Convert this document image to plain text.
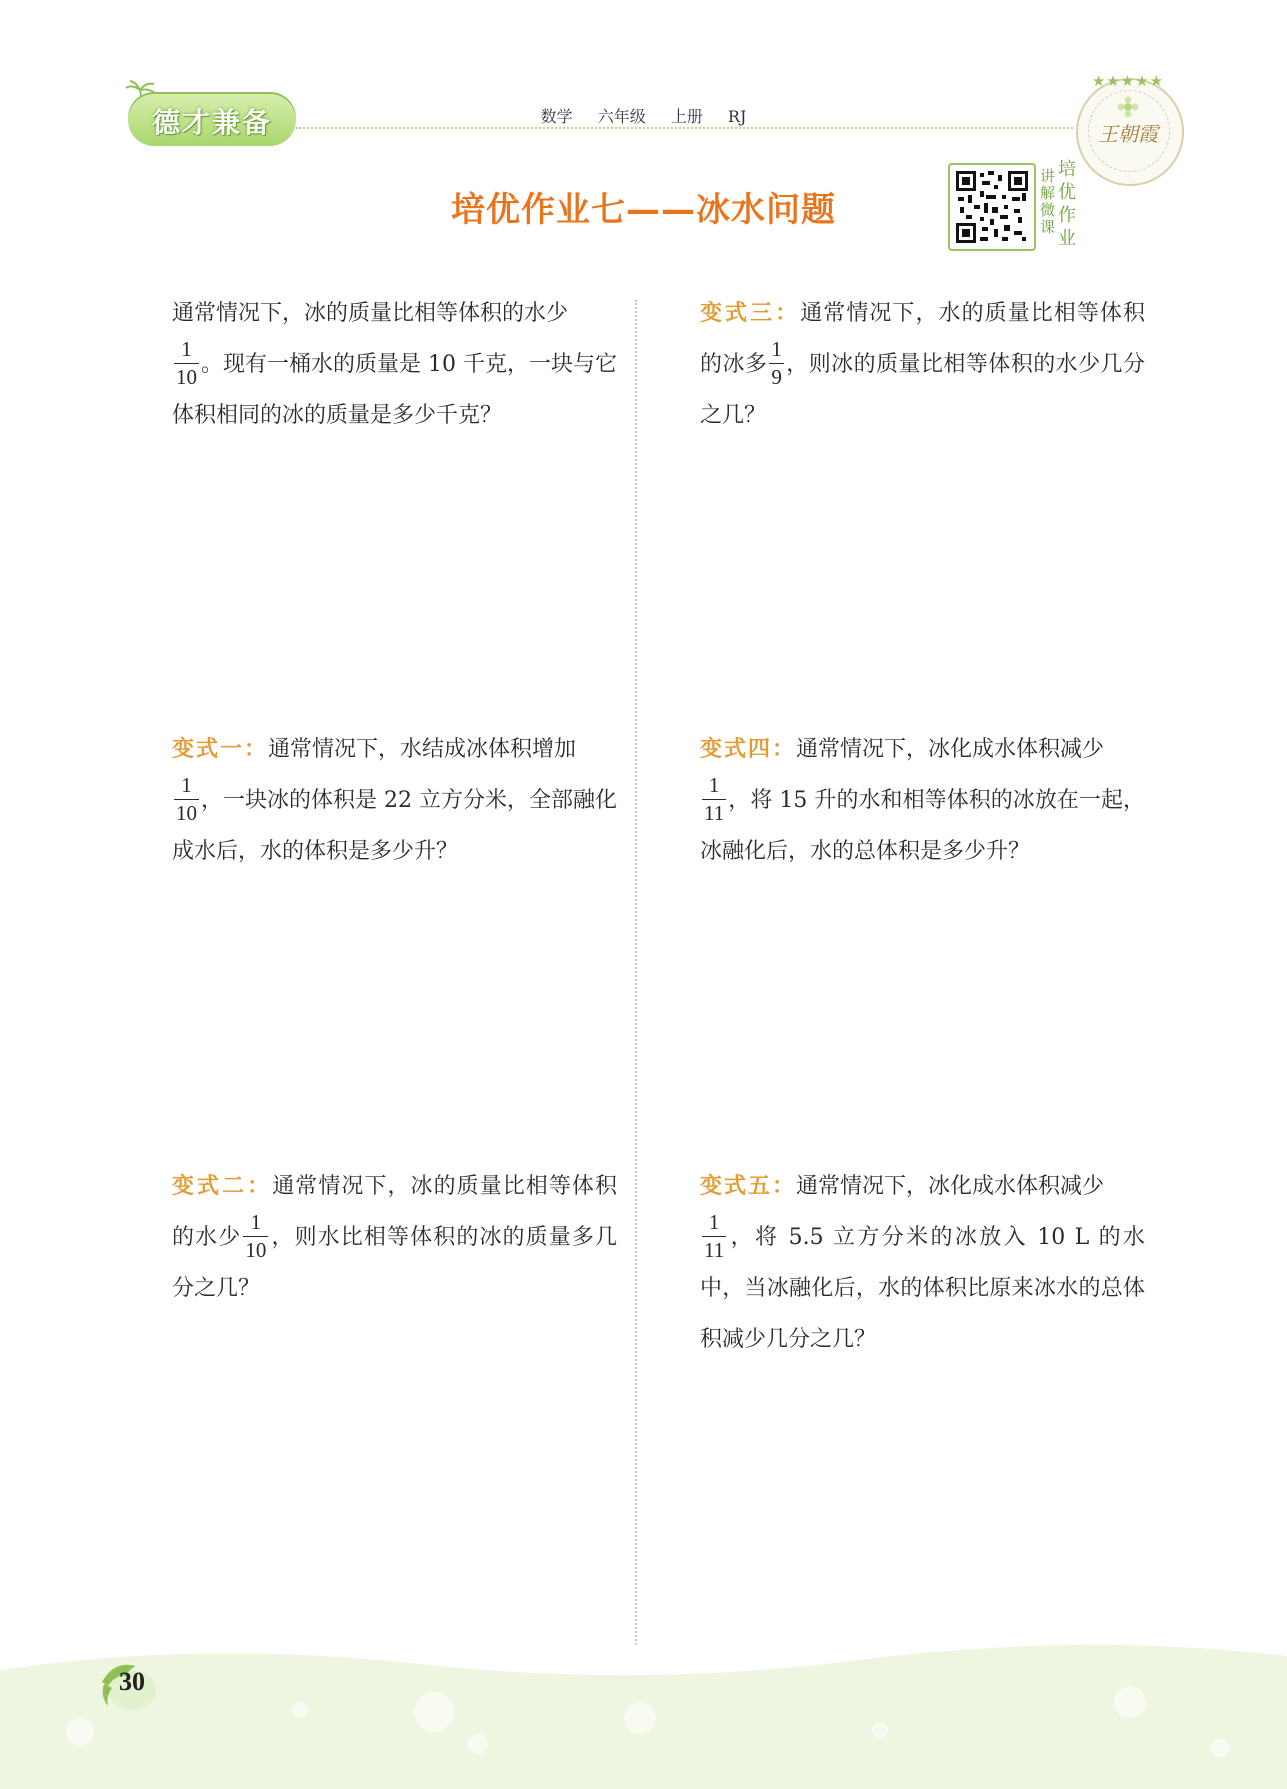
德才兼备	数学 六年级 上册 RJ
★★★★★
王朝霞
培优作业七——冰水问题
讲解微课
培优作业
通常情况下，冰的质量比相等体积的水少

$\frac{1}{10}$ 。现有一桶水的质量是 10 千克，一块与它体积相同的冰的质量是多少千克？
变式一：通常情况下，水结成冰体积增加

$\frac{1}{10}$ ，一块冰的体积是 22 立方分米，全部融化成水后，水的体积是多少升？
变式二：通常情况下，冰的质量比相等体积的水少 $\frac{1}{10}$ ，则水比相等体积的冰的质量多几分之几？
变式三：通常情况下，水的质量比相等体积的冰多 $\frac{1}{9}$ ，则冰的质量比相等体积的水少几分之几？
变式四：通常情况下，冰化成水体积减少

$\frac{1}{11}$ ，将 15 升的水和相等体积的冰放在一起，冰融化后，水的总体积是多少升？
变式五：通常情况下，冰化成水体积减少

$\frac{1}{11}$ ，将 5.5 立方分米的冰放入 10 L 的水中，当冰融化后，水的体积比原来冰水的总体积减少几分之几？
30
